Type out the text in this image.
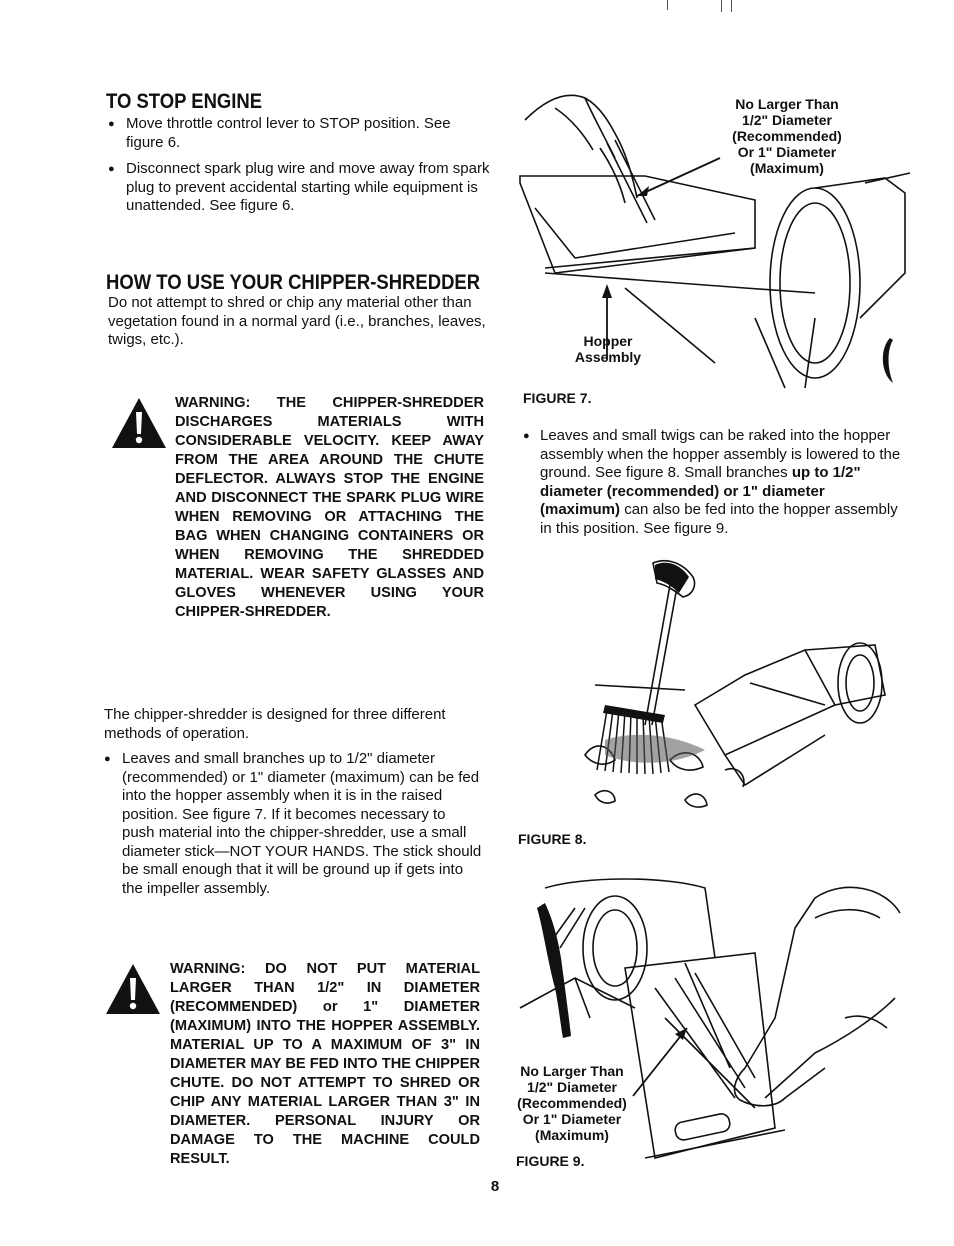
TO STOP ENGINE
● Move throttle control lever to STOP position. See figure 6.
● Disconnect spark plug wire and move away from spark plug to prevent accidental starting while equipment is unattended. See figure 6.
HOW TO USE YOUR CHIPPER-SHREDDER

Do not attempt to shred or chip any material other than vegetation found in a normal yard (i.e., branches, leaves, twigs, etc.).

WARNING: THE CHIPPER-SHREDDER DISCHARGES MATERIALS WITH CONSIDERABLE VELOCITY. KEEP AWAY FROM THE AREA AROUND THE CHUTE DEFLECTOR. ALWAYS STOP THE ENGINE AND DISCONNECT THE SPARK PLUG WIRE WHEN REMOVING OR ATTACHING THE BAG WHEN CHANGING CONTAINERS OR WHEN REMOVING THE SHREDDED MATERIAL. WEAR SAFETY GLASSES AND GLOVES WHENEVER USING YOUR CHIPPER-SHREDDER.

The chipper-shredder is designed for three different methods of operation.

● Leaves and small branches up to 1/2" diameter (recommended) or 1" diameter (maximum) can be fed into the hopper assembly when it is in the raised position. See figure 7. If it becomes necessary to push material into the chipper-shredder, use a small diameter stick—NOT YOUR HANDS. The stick should be small enough that it will be ground up if gets into the impeller assembly.

WARNING: DO NOT PUT MATERIAL LARGER THAN 1/2" IN DIAMETER (RECOMMENDED) or 1" DIAMETER (MAXIMUM) INTO THE HOPPER ASSEMBLY. MATERIAL UP TO A MAXIMUM OF 3" IN DIAMETER MAY BE FED INTO THE CHIPPER CHUTE. DO NOT ATTEMPT TO SHRED OR CHIP ANY MATERIAL LARGER THAN 3" IN DIAMETER. PERSONAL INJURY OR DAMAGE TO THE MACHINE COULD RESULT.

No Larger Than
1/2" Diameter
(Recommended)
Or 1" Diameter
(Maximum)
Hopper
Assembly
FIGURE 7.
● Leaves and small twigs can be raked into the hopper assembly when the hopper assembly is lowered to the ground. See figure 8. Small branches up to 1/2" diameter (recommended) or 1" diameter (maximum) can also be fed into the hopper assembly in this position. See figure 9.
FIGURE 8.
No Larger Than
1/2" Diameter
(Recommended)
Or 1" Diameter
(Maximum)
FIGURE 9.
8
